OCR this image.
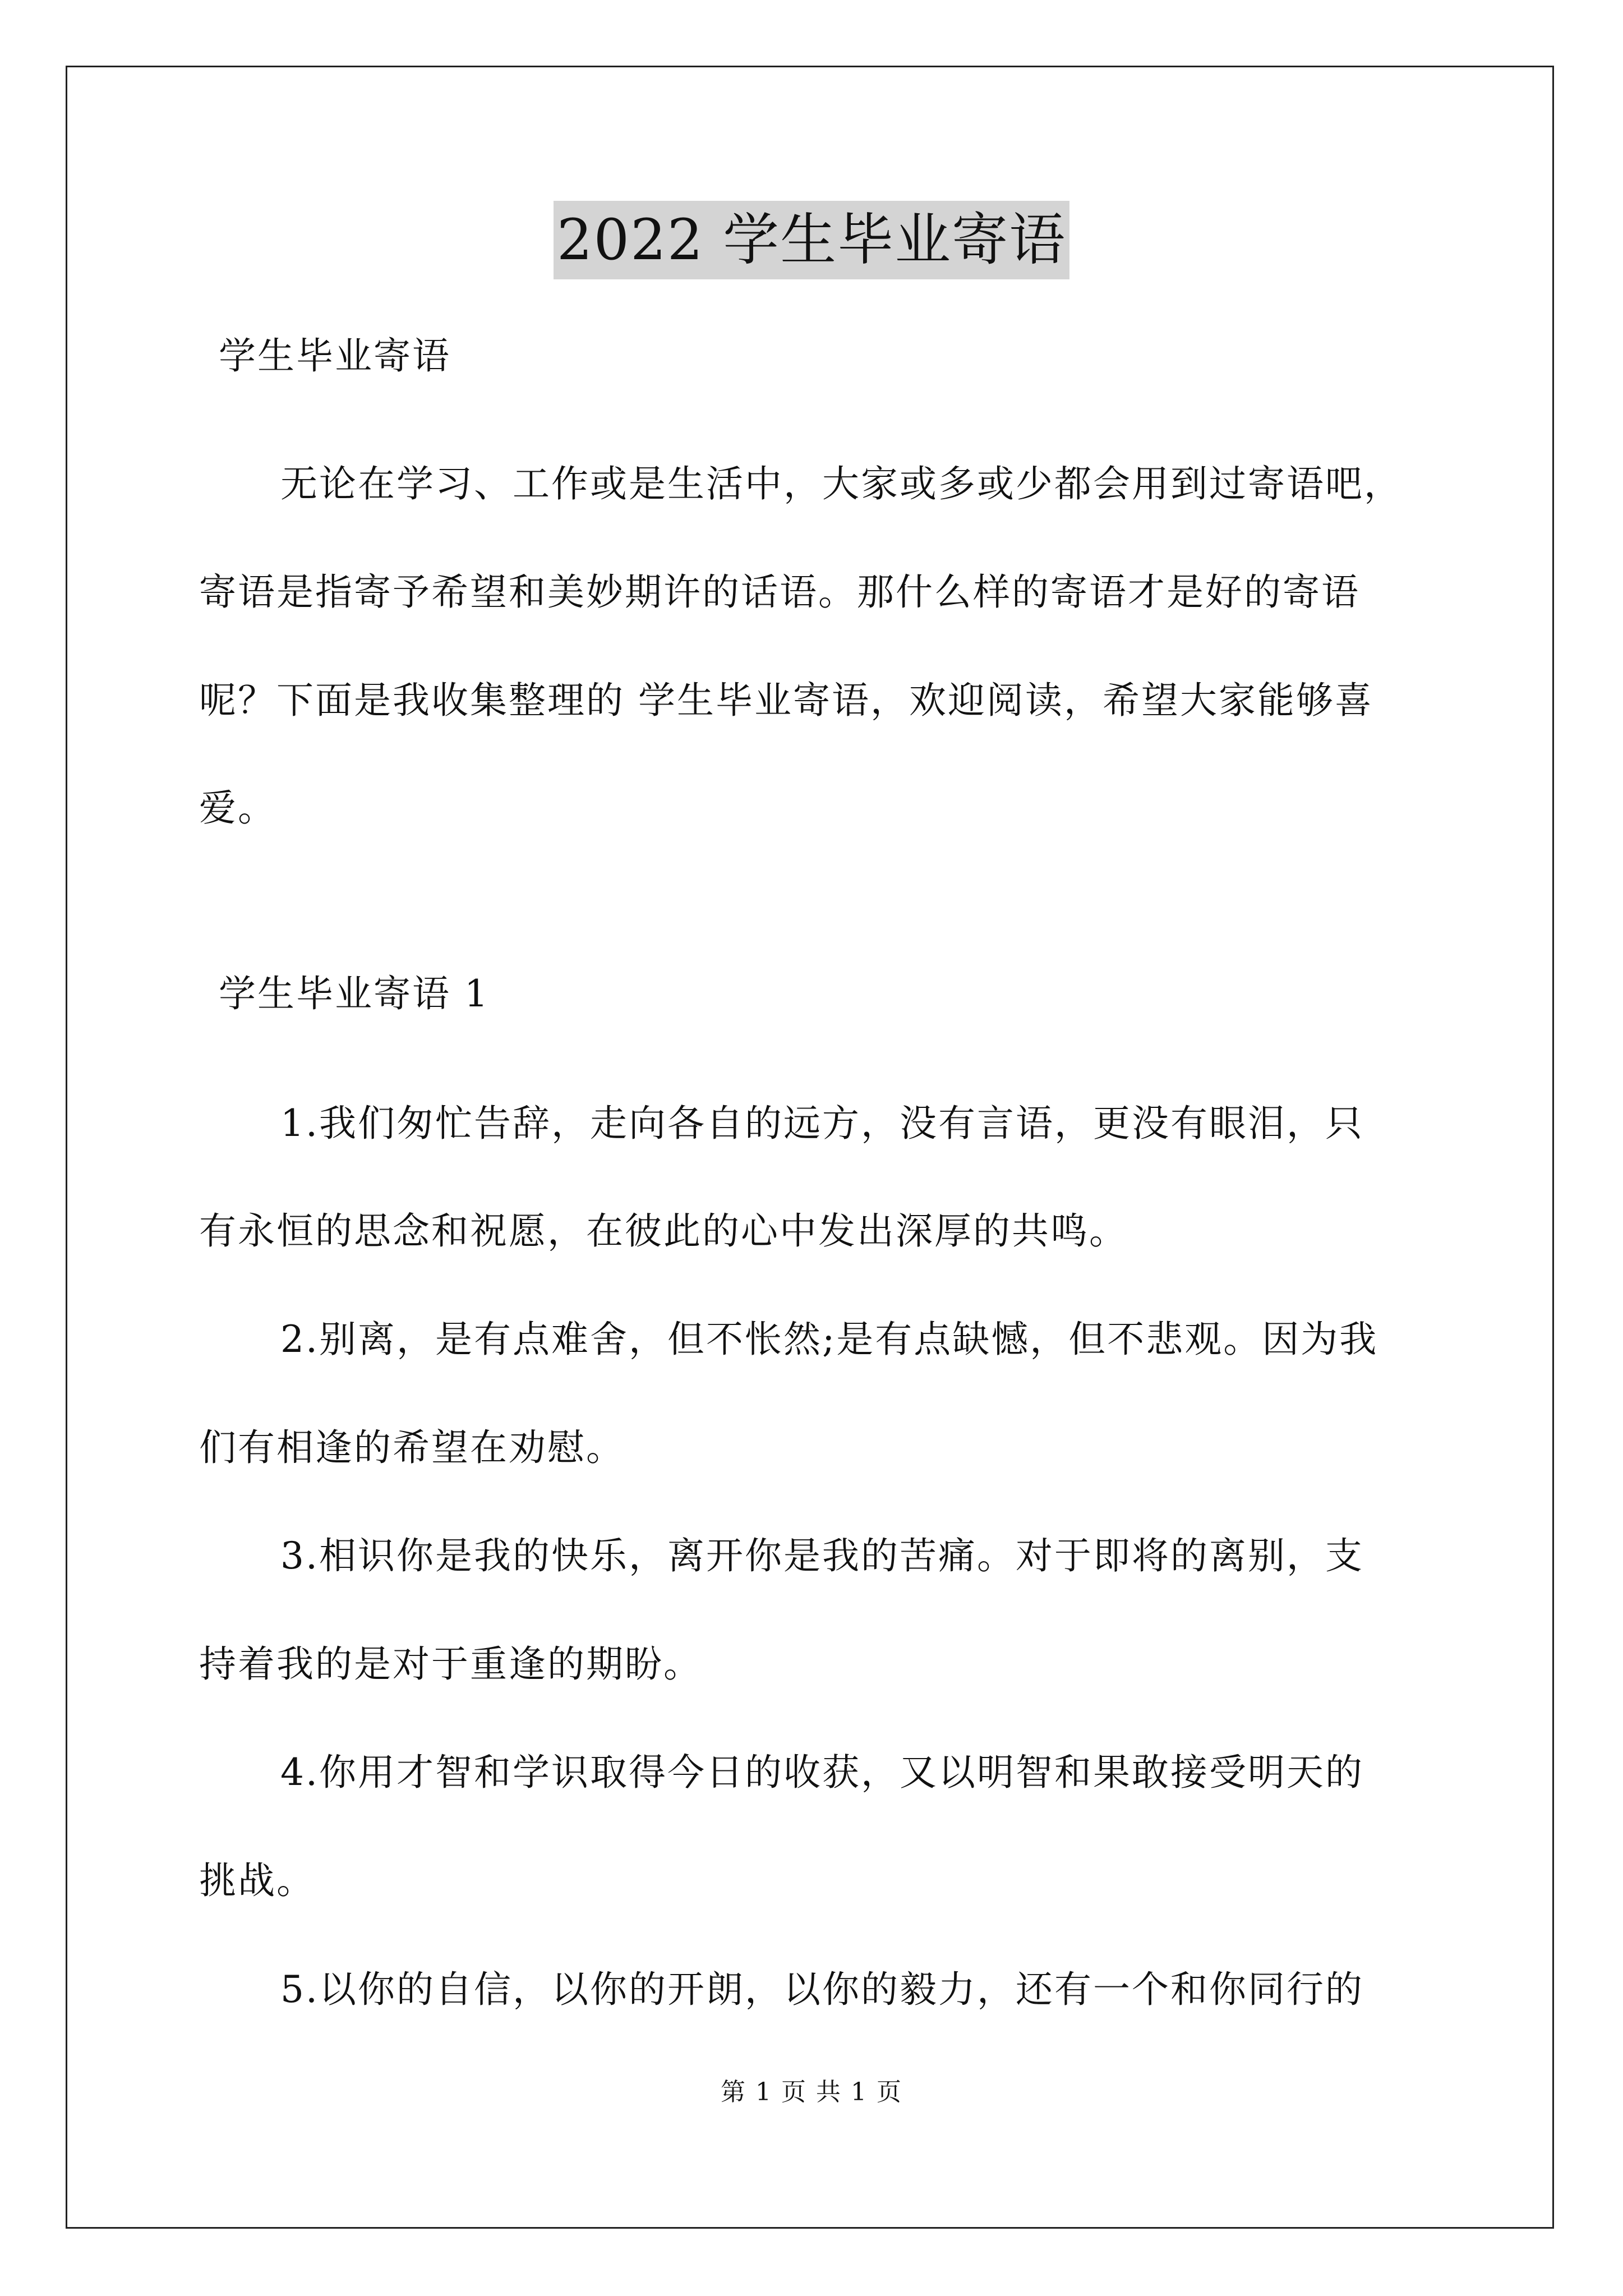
2022 学生毕业寄语
学生毕业寄语
无论在学习、工作或是生活中，大家或多或少都会用到过寄语吧，
寄语是指寄予希望和美妙期许的话语。那什么样的寄语才是好的寄语
呢？下面是我收集整理的 学生毕业寄语，欢迎阅读，希望大家能够喜
爱。
学生毕业寄语 1
1.我们匆忙告辞，走向各自的远方，没有言语，更没有眼泪，只
有永恒的思念和祝愿，在彼此的心中发出深厚的共鸣。
2.别离，是有点难舍，但不怅然;是有点缺憾，但不悲观。因为我
们有相逢的希望在劝慰。
3.相识你是我的快乐，离开你是我的苦痛。对于即将的离别，支
持着我的是对于重逢的期盼。
4.你用才智和学识取得今日的收获，又以明智和果敢接受明天的
挑战。
5.以你的自信，以你的开朗，以你的毅力，还有一个和你同行的
第 1 页 共 1 页
